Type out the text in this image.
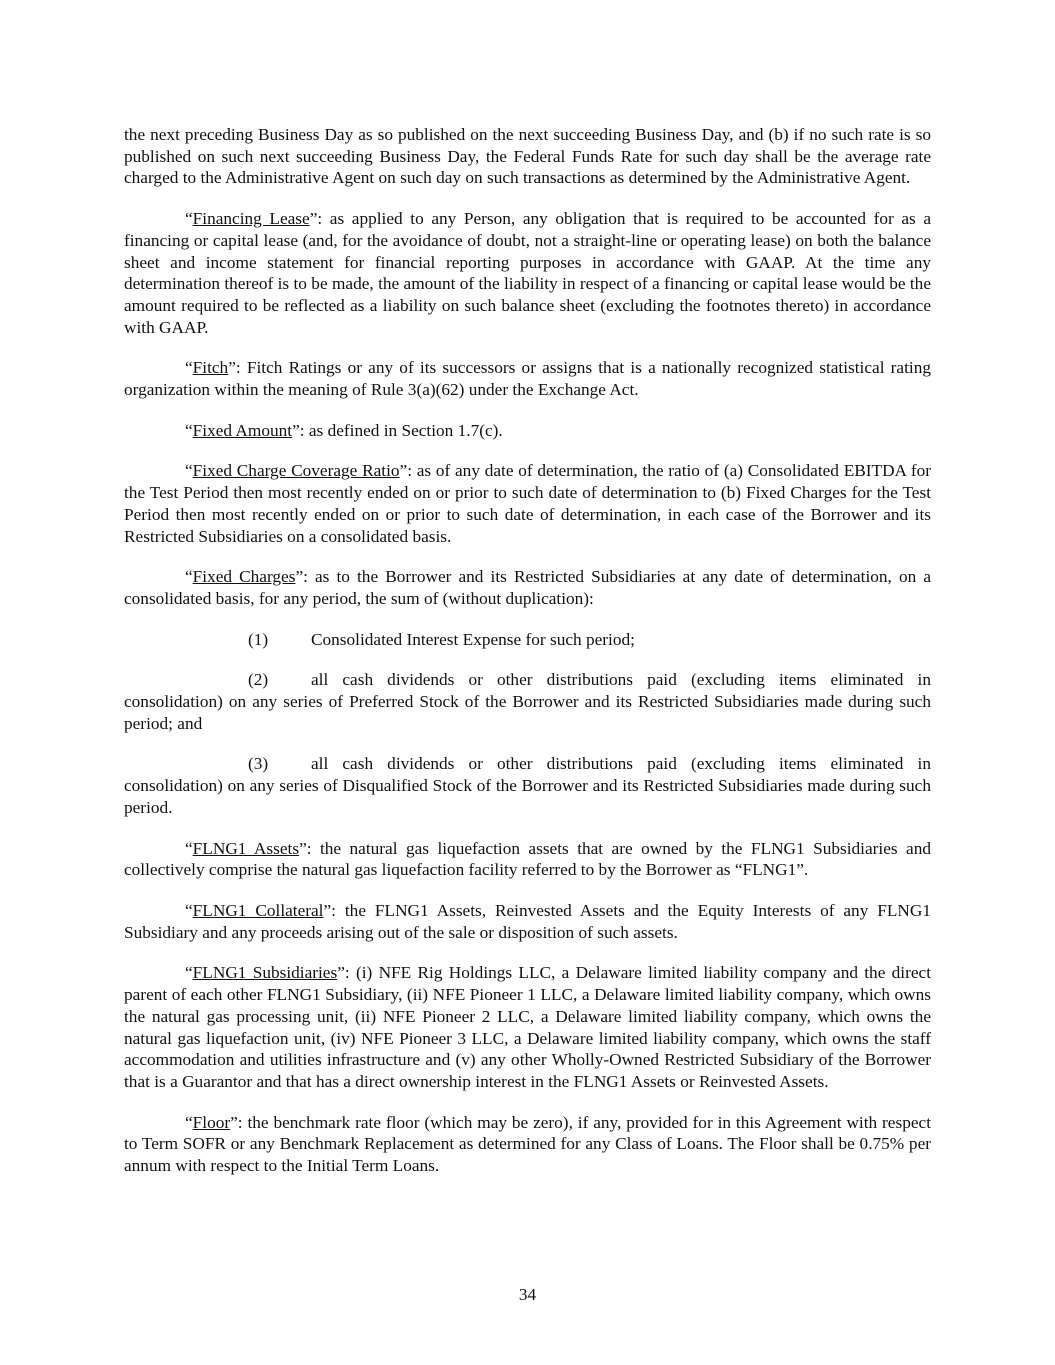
the next preceding Business Day as so published on the next succeeding Business Day, and (b) if no such rate is so published on such next succeeding Business Day, the Federal Funds Rate for such day shall be the average rate charged to the Administrative Agent on such day on such transactions as determined by the Administrative Agent.

“Financing Lease”: as applied to any Person, any obligation that is required to be accounted for as a financing or capital lease (and, for the avoidance of doubt, not a straight-line or operating lease) on both the balance sheet and income statement for financial reporting purposes in accordance with GAAP. At the time any determination thereof is to be made, the amount of the liability in respect of a financing or capital lease would be the amount required to be reflected as a liability on such balance sheet (excluding the footnotes thereto) in accordance with GAAP.

“Fitch”: Fitch Ratings or any of its successors or assigns that is a nationally recognized statistical rating organization within the meaning of Rule 3(a)(62) under the Exchange Act.

“Fixed Amount”: as defined in Section 1.7(c).

“Fixed Charge Coverage Ratio”: as of any date of determination, the ratio of (a) Consolidated EBITDA for the Test Period then most recently ended on or prior to such date of determination to (b) Fixed Charges for the Test Period then most recently ended on or prior to such date of determination, in each case of the Borrower and its Restricted Subsidiaries on a consolidated basis.

“Fixed Charges”: as to the Borrower and its Restricted Subsidiaries at any date of determination, on a consolidated basis, for any period, the sum of (without duplication):

(1) Consolidated Interest Expense for such period;

(2) all cash dividends or other distributions paid (excluding items eliminated in consolidation) on any series of Preferred Stock of the Borrower and its Restricted Subsidiaries made during such period; and

(3) all cash dividends or other distributions paid (excluding items eliminated in consolidation) on any series of Disqualified Stock of the Borrower and its Restricted Subsidiaries made during such period.

“FLNG1 Assets”: the natural gas liquefaction assets that are owned by the FLNG1 Subsidiaries and collectively comprise the natural gas liquefaction facility referred to by the Borrower as “FLNG1”.

“FLNG1 Collateral”: the FLNG1 Assets, Reinvested Assets and the Equity Interests of any FLNG1 Subsidiary and any proceeds arising out of the sale or disposition of such assets.

“FLNG1 Subsidiaries”: (i) NFE Rig Holdings LLC, a Delaware limited liability company and the direct parent of each other FLNG1 Subsidiary, (ii) NFE Pioneer 1 LLC, a Delaware limited liability company, which owns the natural gas processing unit, (ii) NFE Pioneer 2 LLC, a Delaware limited liability company, which owns the natural gas liquefaction unit, (iv) NFE Pioneer 3 LLC, a Delaware limited liability company, which owns the staff accommodation and utilities infrastructure and (v) any other Wholly-Owned Restricted Subsidiary of the Borrower that is a Guarantor and that has a direct ownership interest in the FLNG1 Assets or Reinvested Assets.

“Floor”: the benchmark rate floor (which may be zero), if any, provided for in this Agreement with respect to Term SOFR or any Benchmark Replacement as determined for any Class of Loans. The Floor shall be 0.75% per annum with respect to the Initial Term Loans.

34
